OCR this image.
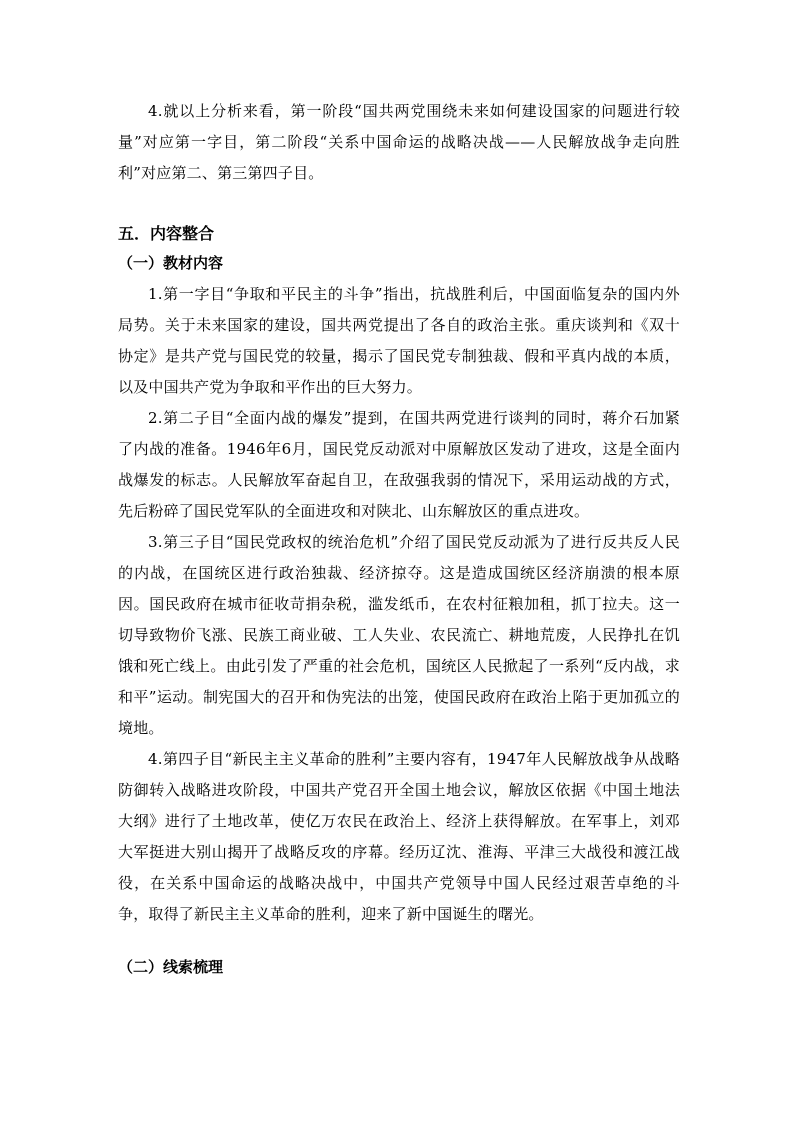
4.就以上分析来看，第一阶段“国共两党围绕未来如何建设国家的问题进行较量”对应第一字目，第二阶段“关系中国命运的战略决战——人民解放战争走向胜利”对应第二、第三第四子目。

五．内容整合
（一）教材内容

1.第一字目“争取和平民主的斗争”指出，抗战胜利后，中国面临复杂的国内外局势。关于未来国家的建设，国共两党提出了各自的政治主张。重庆谈判和《双十协定》是共产党与国民党的较量，揭示了国民党专制独裁、假和平真内战的本质，以及中国共产党为争取和平作出的巨大努力。

2.第二子目“全面内战的爆发”提到，在国共两党进行谈判的同时，蒋介石加紧了内战的准备。1946年6月，国民党反动派对中原解放区发动了进攻，这是全面内战爆发的标志。人民解放军奋起自卫，在敌强我弱的情况下，采用运动战的方式，先后粉碎了国民党军队的全面进攻和对陕北、山东解放区的重点进攻。

3.第三子目“国民党政权的统治危机”介绍了国民党反动派为了进行反共反人民的内战，在国统区进行政治独裁、经济掠夺。这是造成国统区经济崩溃的根本原因。国民政府在城市征收苛捐杂税，滥发纸币，在农村征粮加租，抓丁拉夫。这一切导致物价飞涨、民族工商业破、工人失业、农民流亡、耕地荒废，人民挣扎在饥饿和死亡线上。由此引发了严重的社会危机，国统区人民掀起了一系列“反内战，求和平”运动。制宪国大的召开和伪宪法的出笼，使国民政府在政治上陷于更加孤立的境地。

4.第四子目“新民主主义革命的胜利”主要内容有，1947年人民解放战争从战略防御转入战略进攻阶段，中国共产党召开全国土地会议，解放区依据《中国土地法大纲》进行了土地改革，使亿万农民在政治上、经济上获得解放。在军事上，刘邓大军挺进大别山揭开了战略反攻的序幕。经历辽沈、淮海、平津三大战役和渡江战役，在关系中国命运的战略决战中，中国共产党领导中国人民经过艰苦卓绝的斗争，取得了新民主主义革命的胜利，迎来了新中国诞生的曙光。

（二）线索梳理
